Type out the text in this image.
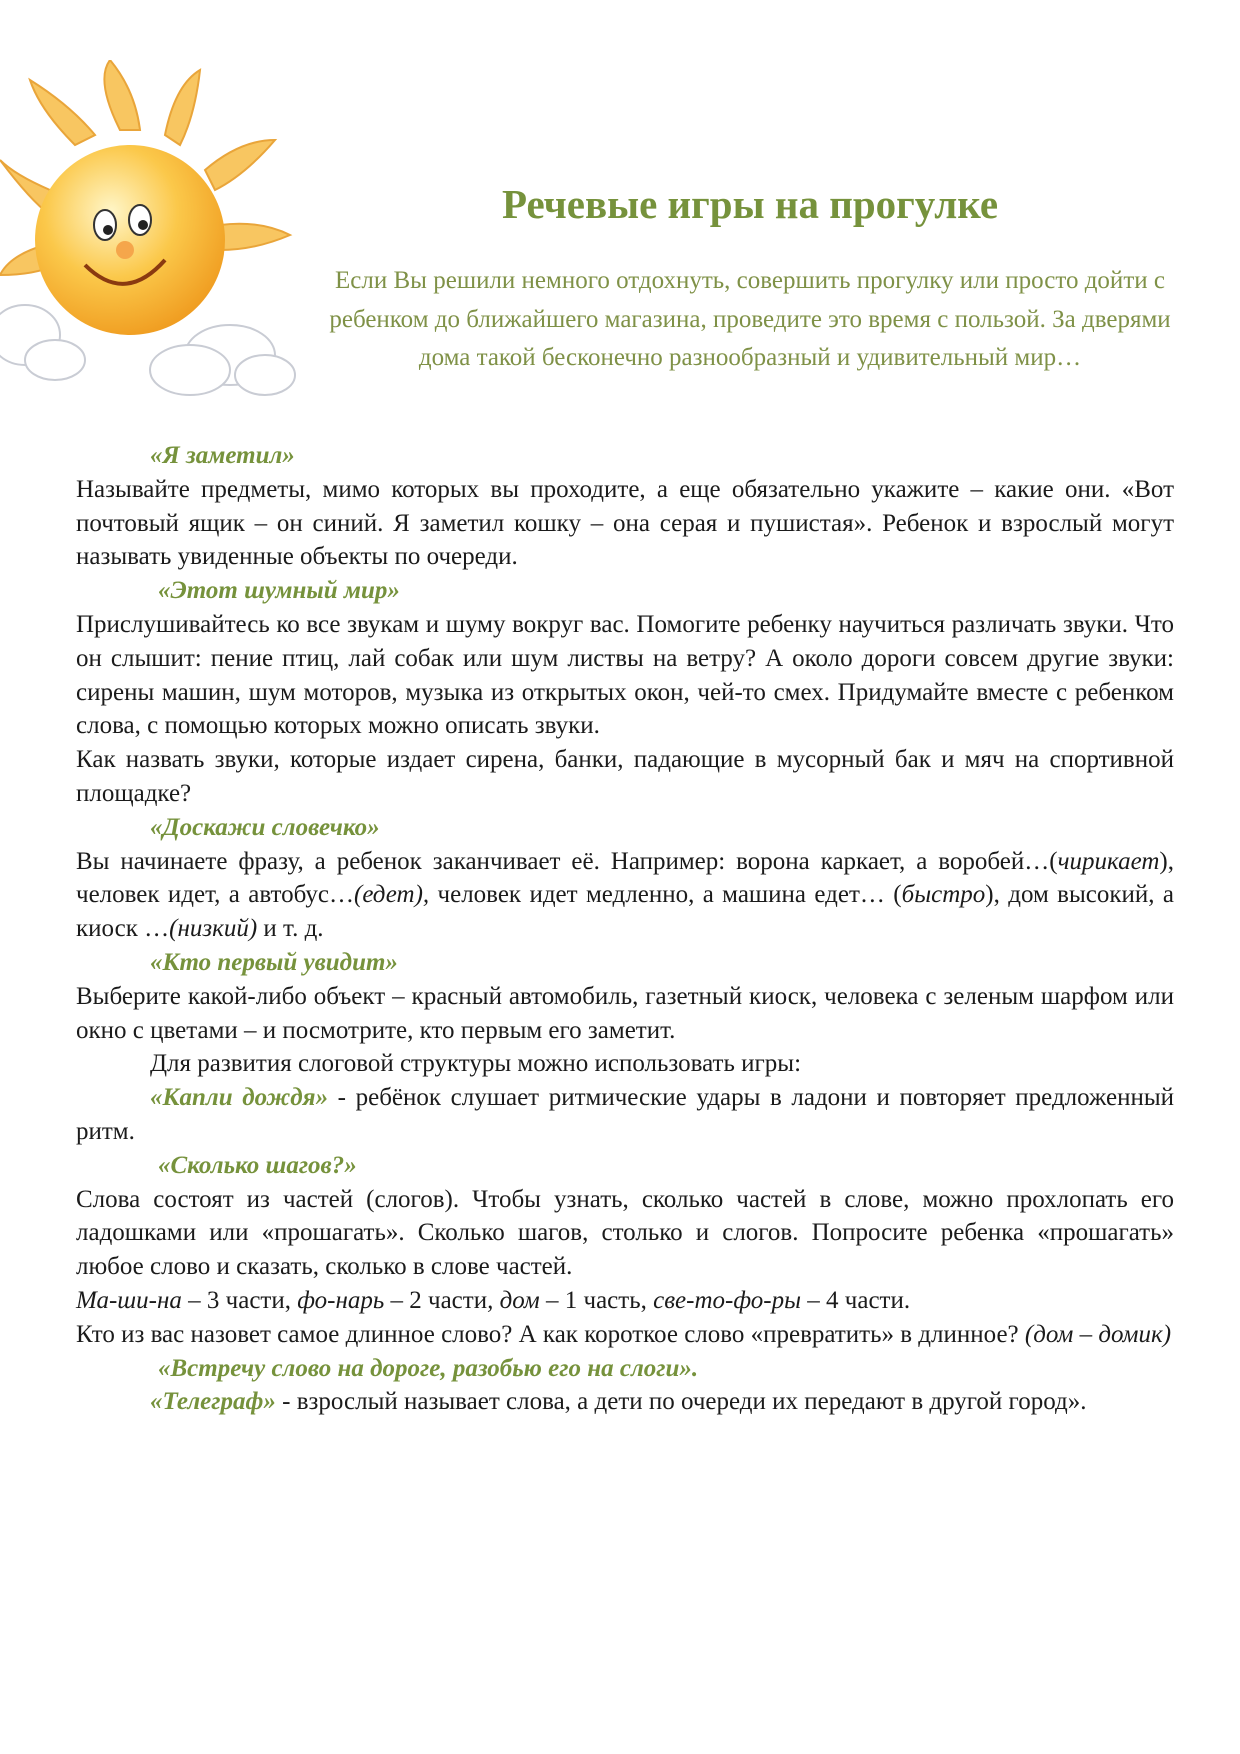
Речевые игры на прогулке

Если Вы решили немного отдохнуть, совершить прогулку или просто дойти с ребенком до ближайшего магазина, проведите это время с пользой. За дверями дома такой бесконечно разнообразный и удивительный мир…

«Я заметил»

Называйте предметы, мимо которых вы проходите, а еще обязательно укажите – какие они. «Вот почтовый ящик – он синий. Я заметил кошку – она серая и пушистая». Ребенок и взрослый могут называть увиденные объекты по очереди.

«Этот шумный мир»

Прислушивайтесь ко все звукам и шуму вокруг вас. Помогите ребенку научиться различать звуки. Что он слышит: пение птиц, лай собак или шум листвы на ветру? А около дороги совсем другие звуки: сирены машин, шум моторов, музыка из открытых окон, чей-то смех. Придумайте вместе с ребенком слова, с помощью которых можно описать звуки.

Как назвать звуки, которые издает сирена, банки, падающие в мусорный бак и мяч на спортивной площадке?

«Доскажи словечко»

Вы начинаете фразу, а ребенок заканчивает её. Например: ворона каркает, а воробей…(чирикает), человек идет, а автобус…(едет), человек идет медленно, а машина едет… (быстро), дом высокий, а киоск …(низкий) и т. д.

«Кто первый увидит»

Выберите какой-либо объект – красный автомобиль, газетный киоск, человека с зеленым шарфом или окно с цветами – и посмотрите, кто первым его заметит.

Для развития слоговой структуры можно использовать игры:

«Капли дождя» - ребёнок слушает ритмические удары в ладони и повторяет предложенный ритм.

«Сколько шагов?»

Слова состоят из частей (слогов). Чтобы узнать, сколько частей в слове, можно прохлопать его ладошками или «прошагать». Сколько шагов, столько и слогов. Попросите ребенка «прошагать» любое слово и сказать, сколько в слове частей.

Ма-ши-на – 3 части, фо-нарь – 2 части, дом – 1 часть, све-то-фо-ры – 4 части.

Кто из вас назовет самое длинное слово? А как короткое слово «превратить» в длинное? (дом – домик)

«Встречу слово на дороге, разобью его на слоги».

«Телеграф» - взрослый называет слова, а дети по очереди их передают в другой город».
